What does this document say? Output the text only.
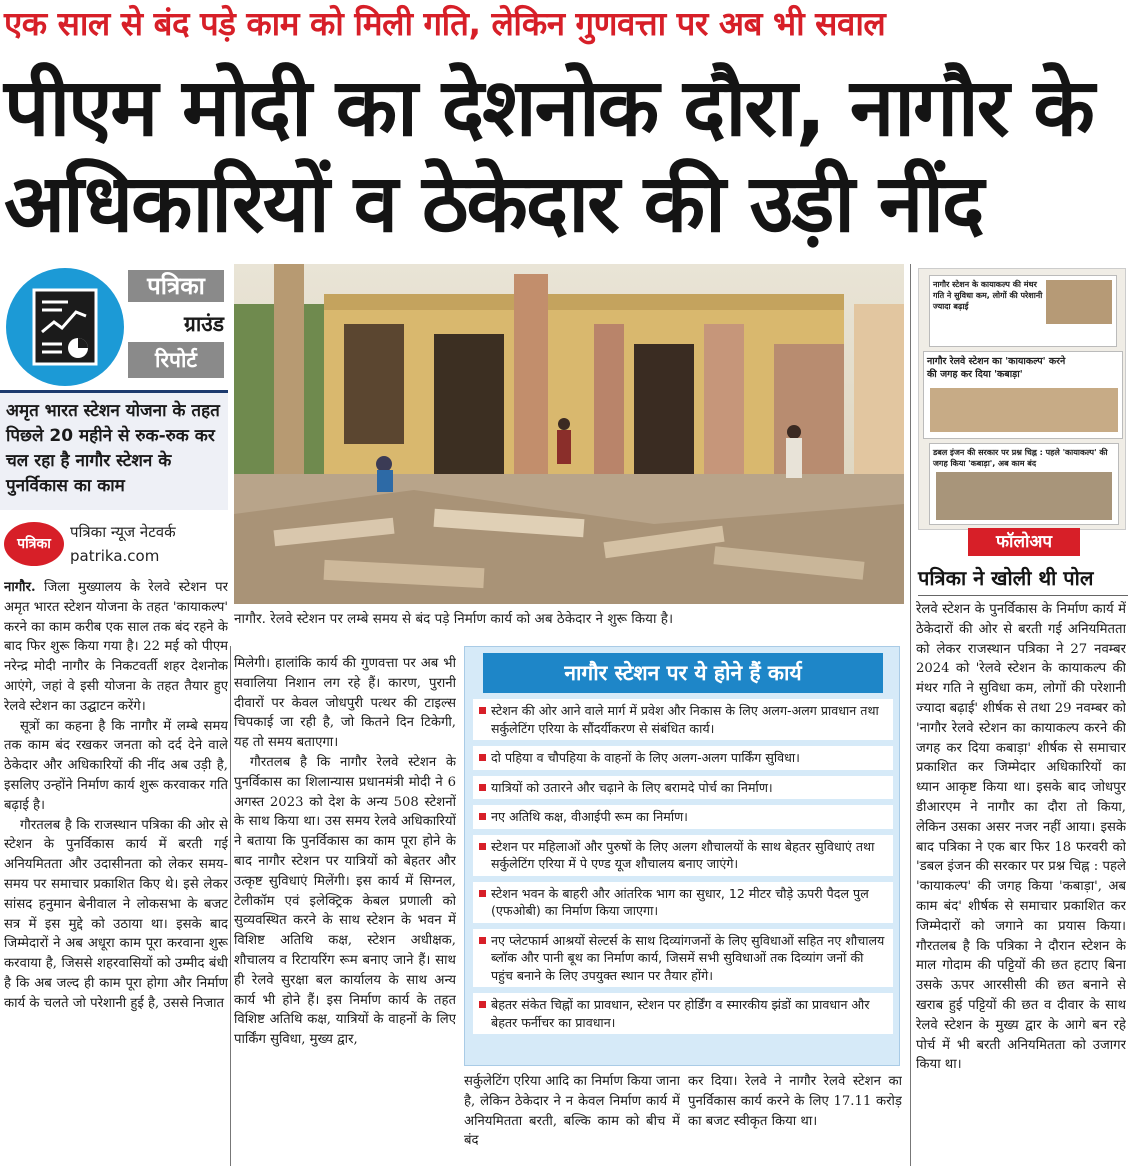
एक साल से बंद पड़े काम को मिली गति, लेकिन गुणवत्ता पर अब भी सवाल
पीएम मोदी का देशनोक दौरा, नागौर के
अधिकारियों व ठेकेदार की उड़ी नींद
पत्रिका
ग्राउंड
रिपोर्ट
अमृत भारत स्टेशन योजना के तहत पिछले 20 महीने से रुक-रुक कर चल रहा है नागौर स्टेशन के पुनर्विकास का काम
पत्रिका
पत्रिका न्यूज नेटवर्क
patrika.com

नागौर. जिला मुख्यालय के रेलवे स्टेशन पर अमृत भारत स्टेशन योजना के तहत 'कायाकल्प' करने का काम करीब एक साल तक बंद रहने के बाद फिर शुरू किया गया है। 22 मई को पीएम नरेन्द्र मोदी नागौर के निकटवर्ती शहर देशनोक आएंगे, जहां वे इसी योजना के तहत तैयार हुए रेलवे स्टेशन का उद्घाटन करेंगे।

सूत्रों का कहना है कि नागौर में लम्बे समय तक काम बंद रखकर जनता को दर्द देने वाले ठेकेदार और अधिकारियों की नींद अब उड़ी है, इसलिए उन्होंने निर्माण कार्य शुरू करवाकर गति बढ़ाई है।

गौरतलब है कि राजस्थान पत्रिका की ओर से स्टेशन के पुनर्विकास कार्य में बरती गई अनियमितता और उदासीनता को लेकर समय-समय पर समाचार प्रकाशित किए थे। इसे लेकर सांसद हनुमान बेनीवाल ने लोकसभा के बजट सत्र में इस मुद्दे को उठाया था। इसके बाद जिम्मेदारों ने अब अधूरा काम पूरा करवाना शुरू करवाया है, जिससे शहरवासियों को उम्मीद बंधी है कि अब जल्द ही काम पूरा होगा और निर्माण कार्य के चलते जो परेशानी हुई है, उससे निजात

नागौर. रेलवे स्टेशन पर लम्बे समय से बंद पड़े निर्माण कार्य को अब ठेकेदार ने शुरू किया है।

मिलेगी। हालांकि कार्य की गुणवत्ता पर अब भी सवालिया निशान लग रहे हैं। कारण, पुरानी दीवारों पर केवल जोधपुरी पत्थर की टाइल्स चिपकाई जा रही है, जो कितने दिन टिकेगी, यह तो समय बताएगा।

गौरतलब है कि नागौर रेलवे स्टेशन के पुनर्विकास का शिलान्यास प्रधानमंत्री मोदी ने 6 अगस्त 2023 को देश के अन्य 508 स्टेशनों के साथ किया था। उस समय रेलवे अधिकारियों ने बताया कि पुनर्विकास का काम पूरा होने के बाद नागौर स्टेशन पर यात्रियों को बेहतर और उत्कृष्ट सुविधाएं मिलेंगी। इस कार्य में सिग्नल, टेलीकॉम एवं इलेक्ट्रिक केबल प्रणाली को सुव्यवस्थित करने के साथ स्टेशन के भवन में विशिष्ट अतिथि कक्ष, स्टेशन अधीक्षक, शौचालय व रिटायरिंग रूम बनाए जाने हैं। साथ ही रेलवे सुरक्षा बल कार्यालय के साथ अन्य कार्य भी होने हैं। इस निर्माण कार्य के तहत विशिष्ट अतिथि कक्ष, यात्रियों के वाहनों के लिए पार्किंग सुविधा, मुख्य द्वार,

नागौर स्टेशन पर ये होने हैं कार्य
स्टेशन की ओर आने वाले मार्ग में प्रवेश और निकास के लिए अलग-अलग प्रावधान तथा सर्कुलेटिंग एरिया के सौंदर्यीकरण से संबंधित कार्य।
दो पहिया व चौपहिया के वाहनों के लिए अलग-अलग पार्किंग सुविधा।
यात्रियों को उतारने और चढ़ाने के लिए बरामदे पोर्च का निर्माण।
नए अतिथि कक्ष, वीआईपी रूम का निर्माण।
स्टेशन पर महिलाओं और पुरुषों के लिए अलग शौचालयों के साथ बेहतर सुविधाएं तथा सर्कुलेटिंग एरिया में पे एण्ड यूज शौचालय बनाए जाएंगे।
स्टेशन भवन के बाहरी और आंतरिक भाग का सुधार, 12 मीटर चौड़े ऊपरी पैदल पुल (एफओबी) का निर्माण किया जाएगा।
नए प्लेटफार्म आश्रयों सेल्टर्स के साथ दिव्यांगजनों के लिए सुविधाओं सहित नए शौचालय ब्लॉक और पानी बूथ का निर्माण कार्य, जिसमें सभी सुविधाओं तक दिव्यांग जनों की पहुंच बनाने के लिए उपयुक्त स्थान पर तैयार होंगे।
बेहतर संकेत चिह्नों का प्रावधान, स्टेशन पर होर्डिंग व स्मारकीय झंडों का प्रावधान और बेहतर फर्नीचर का प्रावधान।

सर्कुलेटिंग एरिया आदि का निर्माण किया जाना है, लेकिन ठेकेदार ने न केवल निर्माण कार्य में अनियमितता बरती, बल्कि काम को बीच में बंद

कर दिया। रेलवे ने नागौर रेलवे स्टेशन का पुनर्विकास कार्य करने के लिए 17.11 करोड़ का बजट स्वीकृत किया था।

नागौर स्टेशन के कायाकल्प की मंथर गति ने सुविधा कम, लोगों की परेशानी ज्यादा बढ़ाई
नागौर रेलवे स्टेशन का 'कायाकल्प' करने की जगह कर दिया 'कबाड़ा'
डबल इंजन की सरकार पर प्रश्न चिह्न : पहले 'कायाकल्प' की जगह किया 'कबाड़ा', अब काम बंद
फॉलोअप
पत्रिका ने खोली थी पोल

रेलवे स्टेशन के पुनर्विकास के निर्माण कार्य में ठेकेदारों की ओर से बरती गई अनियमितता को लेकर राजस्थान पत्रिका ने 27 नवम्बर 2024 को 'रेलवे स्टेशन के कायाकल्प की मंथर गति ने सुविधा कम, लोगों की परेशानी ज्यादा बढ़ाई' शीर्षक से तथा 29 नवम्बर को 'नागौर रेलवे स्टेशन का कायाकल्प करने की जगह कर दिया कबाड़ा' शीर्षक से समाचार प्रकाशित कर जिम्मेदार अधिकारियों का ध्यान आकृष्ट किया था। इसके बाद जोधपुर डीआरएम ने नागौर का दौरा तो किया, लेकिन उसका असर नजर नहीं आया। इसके बाद पत्रिका ने एक बार फिर 18 फरवरी को 'डबल इंजन की सरकार पर प्रश्न चिह्न : पहले 'कायाकल्प' की जगह किया 'कबाड़ा', अब काम बंद' शीर्षक से समाचार प्रकाशित कर जिम्मेदारों को जगाने का प्रयास किया। गौरतलब है कि पत्रिका ने दौरान स्टेशन के माल गोदाम की पट्टियों की छत हटाए बिना उसके ऊपर आरसीसी की छत बनाने से खराब हुई पट्टियों की छत व दीवार के साथ रेलवे स्टेशन के मुख्य द्वार के आगे बन रहे पोर्च में भी बरती अनियमितता को उजागर किया था।
